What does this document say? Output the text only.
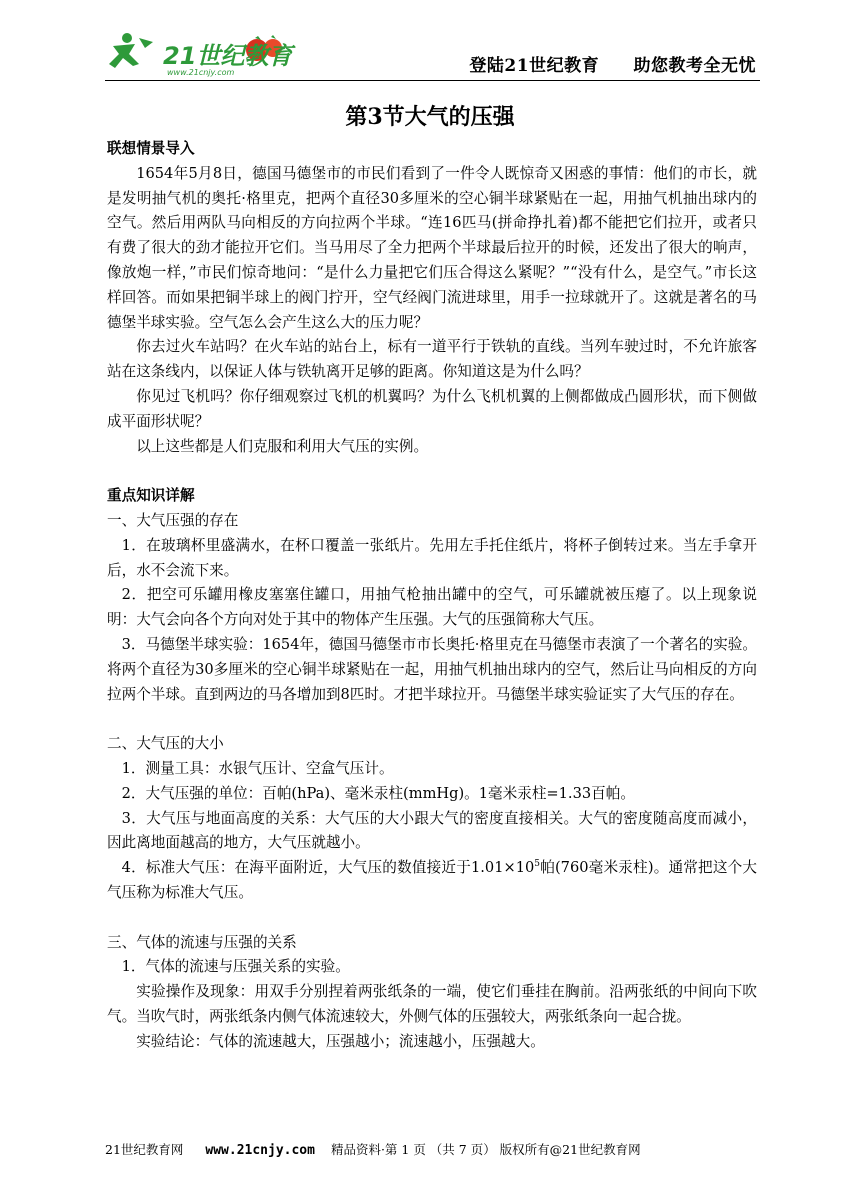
21世纪教育
www.21cnjy.com	登陆21世纪教育 助您教考全无忧
第3节大气的压强

联想情景导入

1654年5月8日，德国马德堡市的市民们看到了一件令人既惊奇又困惑的事情：他们的市长，就是发明抽气机的奥托·格里克，把两个直径30多厘米的空心铜半球紧贴在一起，用抽气机抽出球内的空气。然后用两队马向相反的方向拉两个半球。“连16匹马(拼命挣扎着)都不能把它们拉开，或者只有费了很大的劲才能拉开它们。当马用尽了全力把两个半球最后拉开的时候，还发出了很大的响声，像放炮一样，”市民们惊奇地问：“是什么力量把它们压合得这么紧呢？”“没有什么，是空气。”市长这样回答。而如果把铜半球上的阀门拧开，空气经阀门流进球里，用手一拉球就开了。这就是著名的马德堡半球实验。空气怎么会产生这么大的压力呢？

你去过火车站吗？在火车站的站台上，标有一道平行于铁轨的直线。当列车驶过时，不允许旅客站在这条线内，以保证人体与铁轨离开足够的距离。你知道这是为什么吗？

你见过飞机吗？你仔细观察过飞机的机翼吗？为什么飞机机翼的上侧都做成凸圆形状，而下侧做成平面形状呢？

以上这些都是人们克服和利用大气压的实例。

重点知识详解

一、大气压强的存在

1．在玻璃杯里盛满水，在杯口覆盖一张纸片。先用左手托住纸片，将杯子倒转过来。当左手拿开后，水不会流下来。

2．把空可乐罐用橡皮塞塞住罐口，用抽气枪抽出罐中的空气，可乐罐就被压瘪了。以上现象说明：大气会向各个方向对处于其中的物体产生压强。大气的压强简称大气压。

3．马德堡半球实验：1654年，德国马德堡市市长奥托·格里克在马德堡市表演了一个著名的实验。将两个直径为30多厘米的空心铜半球紧贴在一起，用抽气机抽出球内的空气，然后让马向相反的方向拉两个半球。直到两边的马各增加到8匹时。才把半球拉开。马德堡半球实验证实了大气压的存在。

二、大气压的大小

1．测量工具：水银气压计、空盒气压计。

2．大气压强的单位：百帕(hPa)、毫米汞柱(mmHg)。1毫米汞柱=1.33百帕。

3．大气压与地面高度的关系：大气压的大小跟大气的密度直接相关。大气的密度随高度而减小，因此离地面越高的地方，大气压就越小。

4．标准大气压：在海平面附近，大气压的数值接近于$1.01\times 10^5$帕(760毫米汞柱)。通常把这个大气压称为标准大气压。

三、气体的流速与压强的关系

1．气体的流速与压强关系的实验。

实验操作及现象：用双手分别捏着两张纸条的一端，使它们垂挂在胸前。沿两张纸的中间向下吹气。当吹气时，两张纸条内侧气体流速较大，外侧气体的压强较大，两张纸条向一起合拢。

实验结论：气体的流速越大，压强越小；流速越小，压强越大。

21世纪教育网 www.21cnjy.com 精品资料·第 1 页 （共 7 页） 版权所有@21世纪教育网
